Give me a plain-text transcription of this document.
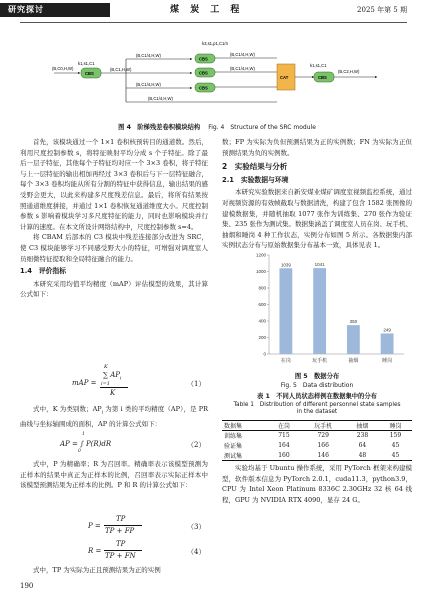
研究探讨	煤 炭 工 程	2025 年第 5 期
(B,C0,H,W)
k1,s1,C1
CBS
(B,C1,H,W)
(B,C1/4,H,W)
(B,C1/4,H,W)
(B,C1/4,H,W)
k3,s1,p1,C1/4
CBS
CBS
CBS
(B,C1/4,H,W)
(B,C1/4,H,W)
CAT
k1,s1,C1
CBS
(B,C2,H,W)
图 4　阶梯残差卷积模块结构 Fig. 4　Structure of the SRC module

首先，该模块通过一个 1×1 卷积核预转目的通道数。然后，利用尺度控制参数 s，将特征映射平均分成 s 个子特征。除了最后一层子特征，其他每个子特征均对应一个 3×3 卷积，将子特征与上一层特征的输出相加再经过 3×3 卷积后与下一层特征融合，每个 3×3 卷积均能从所有分割的特征中获得信息，输出结果的感受野会更大，以此来构建多尺度残差信息。最后，将所有结果按照通道维度拼接，并通过 1×1 卷积恢复通道维度大小。尺度控制参数 s 影响着模块学习多尺度特征的能力，同时也影响模块并行计算的速度。在本文所设计网络结构中，尺度控制参数 s=4。

将 CBAM 后部本的 C3 模块中残差连接部分改进为 SRC，使 C3 模块能够学习不同感受野大小的特征，可增强对调度室人员细微特征提取和全局特征融合的能力。

1.4　评价指标

本研究采用均值平均精度（mAP）评估模型的效果，其计算公式如下：

mAP =
K
∑ $AP_i$
i=1
K
（1）

式中，K 为类别数；$AP_i$ 为第 i 类的平均精度（AP），是 PR 曲线与坐标轴围成的面积，AP 的计算公式如下：

1
AP = ∫ P(R)dR
0
（2）

式中，P 为精确率；R 为召回率。精确率表示该模型预测为正样本的结果中真正为正样本的比例，召回率表示实际正样本中该模型预测结果为正样本的比例。P 和 R 的计算公式如下：

P =
TP
TP + FP	（3）
R =
TP
TP + FN	（4）

式中，TP 为实际为正且预测结果为正的实例

数；FP 为实际为负但预测结果为正的实例数；FN 为实际为正但预测结果为负的实例数。

2　实验结果与分析
2.1　实验数据与环境

本研究实验数据来自新安煤业煤矿调度室视频监控系统，通过对视频资源的有效帧截取与数据清洗，构建了包含 1582 张图像的建模数据集，并随机抽取 1077 张作为训练集、270 张作为验证集、235 张作为测试集。数据集涵盖了调度室人员在岗、玩手机、抽烟和睡岗 4 种工作状态，实例分布如图 5 所示。各数据集内部实例状态分布与原始数据集分布基本一致，具体见表 1。

0
200
400
600
800
1000
1200
1039
在岗
1041
玩手机
350
抽烟
249
睡岗
图 5　数据分布
Fig. 5　Data distribution
表 1　不同人员状态样例在数据集中的分布
Table 1　Distribution of different personnel state samples
in the dataset
数据集	在岗	玩手机	抽烟	睡岗
训练集	715	729	238	159
验证集	164	166	64	45
测试集	160	146	48	45

实验均基于 Ubuntu 操作系统，采用 PyTorch 框架来构建模型，软件版本信息为 PyTorch 2.0.1，cuda11.3，python3.9，CPU 为 Intel Xeon Platinum 8336C 2.30GHz 32 核 64 线程，GPU 为 NVIDIA RTX 4090，显存 24 G。

190
